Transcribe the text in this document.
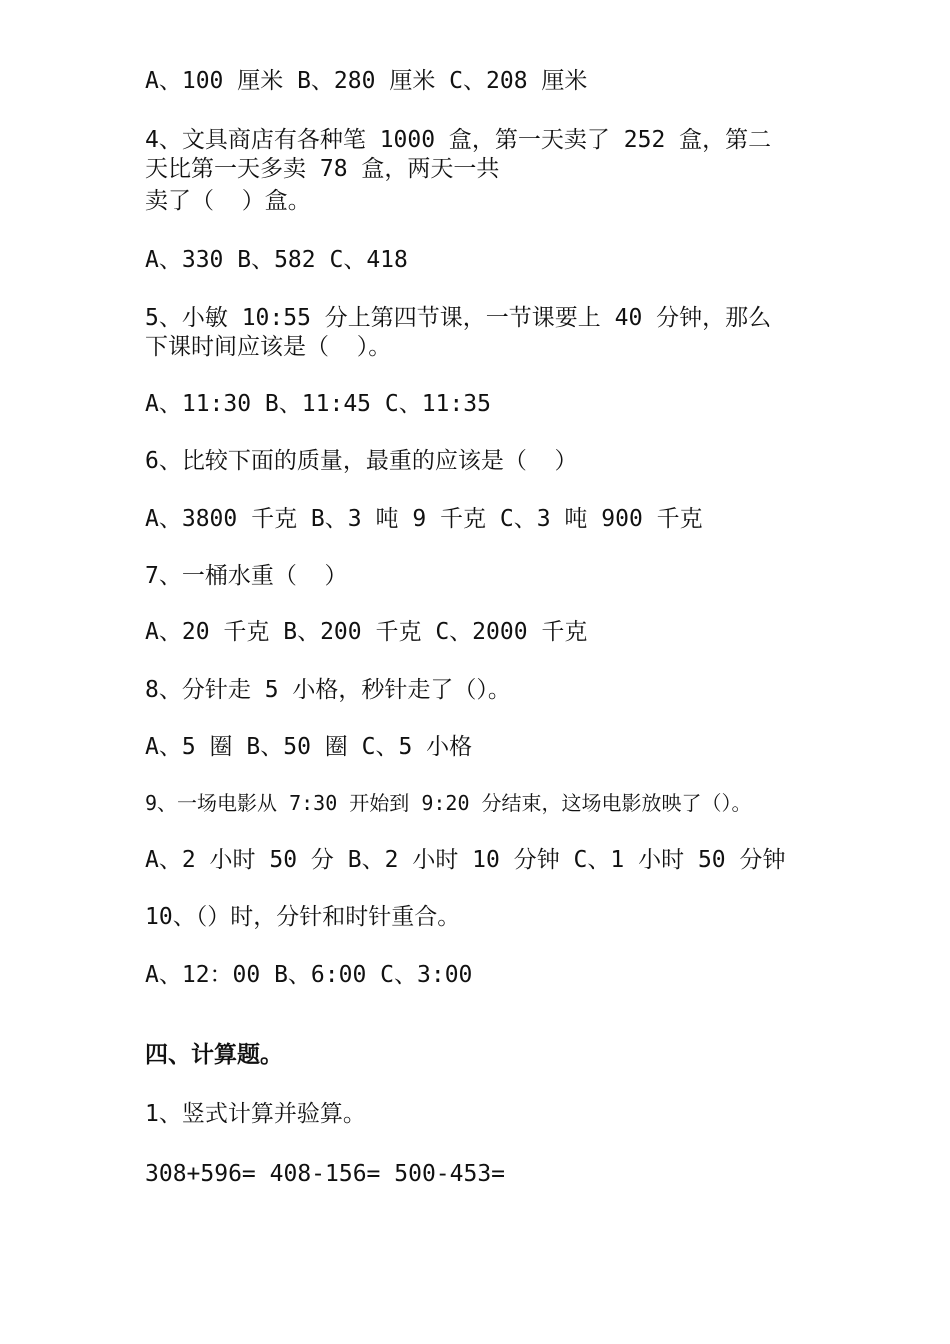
A、100 厘米 B、280 厘米 C、208 厘米

4、文具商店有各种笔 1000 盒，第一天卖了 252 盒，第二

天比第一天多卖 78 盒，两天一共

卖了（  ）盒。

A、330 B、582 C、418

5、小敏 10:55 分上第四节课，一节课要上 40 分钟，那么

下课时间应该是（  ）。

A、11:30 B、11:45 C、11:35

6、比较下面的质量，最重的应该是（  ）

A、3800 千克 B、3 吨 9 千克 C、3 吨 900 千克

7、一桶水重（  ）

A、20 千克 B、200 千克 C、2000 千克

8、分针走 5 小格，秒针走了（）。

A、5 圈 B、50 圈 C、5 小格

9、一场电影从 7:30 开始到 9:20 分结束，这场电影放映了（）。

A、2 小时 50 分 B、2 小时 10 分钟 C、1 小时 50 分钟

10、（）时，分针和时针重合。

A、12：00 B、6:00 C、3:00

四、计算题。

1、竖式计算并验算。

308+596= 408-156= 500-453=
